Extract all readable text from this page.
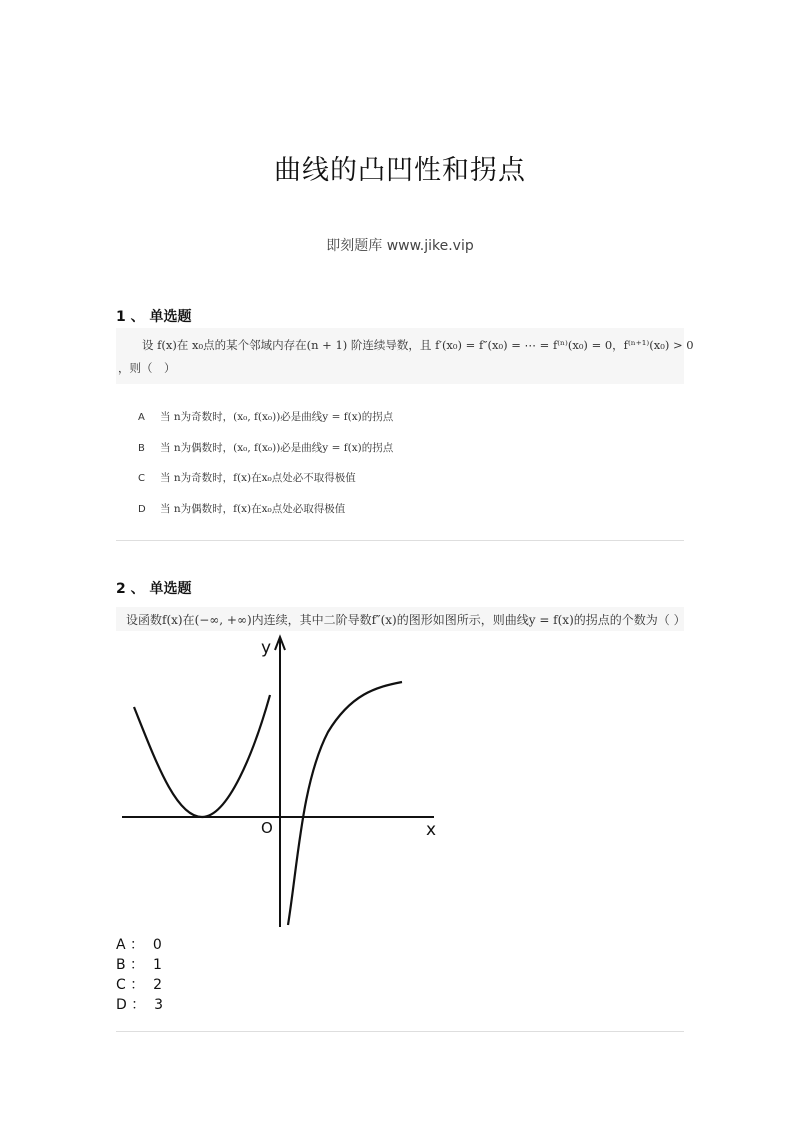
曲线的凸凹性和拐点
即刻题库 www.jike.vip
1 、 单选题
设 f(x)在 x₀点的某个邻域内存在(n + 1) 阶连续导数，且 f′(x₀) = f″(x₀) = ⋯ = f⁽ⁿ⁾(x₀) = 0，f⁽ⁿ⁺¹⁾(x₀) > 0
，则（　）
A 当 n为奇数时，(x₀, f(x₀))必是曲线y = f(x)的拐点
B 当 n为偶数时，(x₀, f(x₀))必是曲线y = f(x)的拐点
C 当 n为奇数时，f(x)在x₀点处必不取得极值
D 当 n为偶数时，f(x)在x₀点处必取得极值
2 、 单选题
设函数f(x)在(−∞, +∞)内连续，其中二阶导数f″(x)的图形如图所示，则曲线y = f(x)的拐点的个数为（ ）
y
x
O
A ：  0
B ：  1
C ：  2
D ：  3
